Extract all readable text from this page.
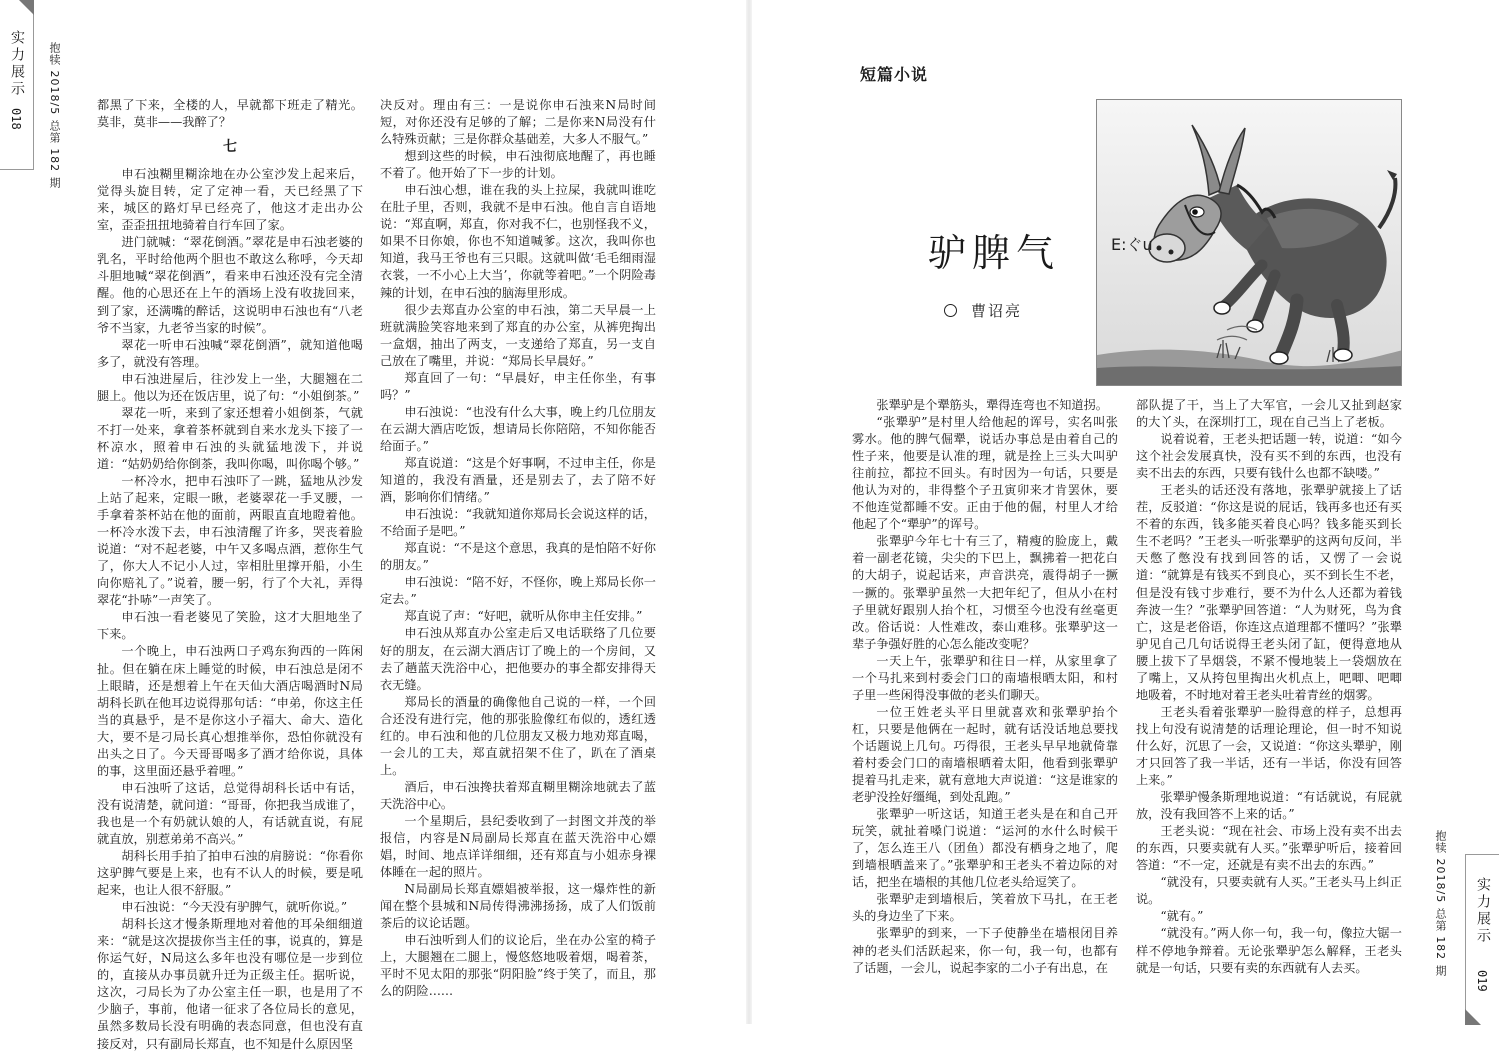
实力展示
018 抱犊 2018/5 总第 182 期	都黑了下来，全楼的人，早就都下班走了精光。莫非，莫非——我醉了？

七

申石浊糊里糊涂地在办公室沙发上起来后，觉得头旋目转，定了定神一看，天已经黑了下来，城区的路灯早已经亮了，他这才走出办公室，歪歪扭扭地骑着自行车回了家。

进门就喊：“翠花倒酒。”翠花是申石浊老婆的乳名，平时给他两个胆也不敢这么称呼，今天却斗胆地喊“翠花倒酒”，看来申石浊还没有完全清醒。他的心思还在上午的酒场上没有收拢回来，到了家，还满嘴的醉话，这说明申石浊也有“八老爷不当家，九老爷当家的时候”。

翠花一听申石浊喊“翠花倒酒”，就知道他喝多了，就没有答理。

申石浊进屋后，往沙发上一坐，大腿翘在二腿上。他以为还在饭店里，说了句：“小姐倒茶。”

翠花一听，来到了家还想着小姐倒茶，气就不打一处来，拿着茶杯就到自来水龙头下接了一杯凉水，照着申石浊的头就猛地泼下，并说道：“姑奶奶给你倒茶，我叫你喝，叫你喝个够。”

一杯冷水，把申石浊吓了一跳，猛地从沙发上站了起来，定眼一瞅，老婆翠花一手叉腰，一手拿着茶杯站在他的面前，两眼直直地瞪着他。一杯冷水泼下去，申石浊清醒了许多，哭丧着脸说道：“对不起老婆，中午又多喝点酒，惹你生气了，你大人不记小人过，宰相肚里撑开船，小生向你赔礼了。”说着，腰一躬，行了个大礼，弄得翠花“扑哧”一声笑了。

申石浊一看老婆见了笑脸，这才大胆地坐了下来。

一个晚上，申石浊两口子鸡东狗西的一阵闲扯。但在躺在床上睡觉的时候，申石浊总是闭不上眼睛，还是想着上午在天仙大酒店喝酒时N局胡科长趴在他耳边说得那句话：“申弟，你这主任当的真悬乎，是不是你这小子福大、命大、造化大，要不是刁局长真心想推举你，恐怕你就没有出头之日了。今天哥哥喝多了酒才给你说，具体的事，这里面还悬乎着哩。”

申石浊听了这话，总觉得胡科长话中有话，没有说清楚，就问道：“哥哥，你把我当成谁了，我也是一个有奶就认娘的人，有话就直说，有屁就直放，别惹弟弟不高兴。”

胡科长用手拍了拍申石浊的肩膀说：“你看你这驴脾气要是上来，也有不认人的时候，要是吼起来，也让人很不舒服。”

申石浊说：“今天没有驴脾气，就听你说。”

胡科长这才慢条斯理地对着他的耳朵细细道来：“就是这次提拔你当主任的事，说真的，算是你运气好，N局这么多年也没有哪位是一步到位的，直接从办事员就升迁为正级主任。据听说，这次，刁局长为了办公室主任一职，也是用了不少脑子，事前，他诸一征求了各位局长的意见，虽然多数局长没有明确的表态同意，但也没有直接反对，只有副局长郑直，也不知是什么原因坚

决反对。理由有三：一是说你申石浊来N局时间短，对你还没有足够的了解；二是你来N局没有什么特殊贡献；三是你群众基础差，大多人不服气。”

想到这些的时候，申石浊彻底地醒了，再也睡不着了。他开始了下一步的计划。

申石浊心想，谁在我的头上拉屎，我就叫谁吃在肚子里，否则，我就不是申石浊。他自言自语地说：“郑直啊，郑直，你对我不仁，也别怪我不义，如果不日你娘，你也不知道喊爹。这次，我叫你也知道，我马王爷也有三只眼。这就叫做‘毛毛细雨湿衣裳，一不小心上大当’，你就等着吧。”一个阴险毒辣的计划，在申石浊的脑海里形成。

很少去郑直办公室的申石浊，第二天早晨一上班就满脸笑容地来到了郑直的办公室，从裤兜掏出一盒烟，抽出了两支，一支递给了郑直，另一支自己放在了嘴里，并说：“郑局长早晨好。”

郑直回了一句：“早晨好，申主任你坐，有事吗？”

申石浊说：“也没有什么大事，晚上约几位朋友在云湖大酒店吃饭，想请局长你陪陪，不知你能否给面子。”

郑直说道：“这是个好事啊，不过申主任，你是知道的，我没有酒量，还是别去了，去了陪不好酒，影响你们情绪。”

申石浊说：“我就知道你郑局长会说这样的话，不给面子是吧。”

郑直说：“不是这个意思，我真的是怕陪不好你的朋友。”

申石浊说：“陪不好，不怪你，晚上郑局长你一定去。”

郑直说了声：“好吧，就听从你申主任安排。”

申石浊从郑直办公室走后又电话联络了几位要好的朋友，在云湖大酒店订了晚上的一个房间，又去了趟蓝天洗浴中心，把他要办的事全都安排得天衣无缝。

郑局长的酒量的确像他自己说的一样，一个回合还没有进行完，他的那张脸像红布似的，透红透红的。申石浊和他的几位朋友又极力地劝郑直喝，一会儿的工夫，郑直就招架不住了，趴在了酒桌上。

酒后，申石浊搀扶着郑直糊里糊涂地就去了蓝天洗浴中心。

一个星期后，县纪委收到了一封图文并茂的举报信，内容是N局副局长郑直在蓝天洗浴中心嫖娼，时间、地点详详细细，还有郑直与小姐赤身裸体睡在一起的照片。

N局副局长郑直嫖娼被举报，这一爆炸性的新闻在整个县城和N局传得沸沸扬扬，成了人们饭前茶后的议论话题。

申石浊听到人们的议论后，坐在办公室的椅子上，大腿翘在二腿上，慢悠悠地吸着烟，喝着茶，平时不见太阳的那张“阴阳脸”终于笑了，而且，那么的阴险……

短篇小说
驴脾气
曹诏亮
E:ぐu

张犟驴是个犟筋头，犟得连弯也不知道拐。

“张犟驴”是村里人给他起的诨号，实名叫张雾水。他的脾气倔犟，说话办事总是由着自己的性子来，他要是认准的理，就是拴上三头大叫驴往前拉，都拉不回头。有时因为一句话，只要是他认为对的，非得整个子丑寅卯来才肯罢休，要不他连觉都睡不安。正由于他的倔，村里人才给他起了个“犟驴”的诨号。

张犟驴今年七十有三了，精瘦的脸庞上，戴着一副老花镜，尖尖的下巴上，飘拂着一把花白的大胡子，说起话来，声音洪亮，震得胡子一撅一撅的。张犟驴虽然一大把年纪了，但从小在村子里就好跟别人抬个杠，习惯至今也没有丝毫更改。俗话说：人性难改，泰山难移。张犟驴这一辈子争强好胜的心怎么能改变呢？

一天上午，张犟驴和往日一样，从家里拿了一个马扎来到村委会门口的南墙根晒太阳，和村子里一些闲得没事做的老头们聊天。

一位王姓老头平日里就喜欢和张犟驴抬个杠，只要是他俩在一起时，就有话没话地总要找个话题说上几句。巧得很，王老头早早地就倚靠着村委会门口的南墙根晒着太阳，他看到张犟驴提着马扎走来，就有意地大声说道：“这是谁家的老驴没拴好缰绳，到处乱跑。”

张犟驴一听这话，知道王老头是在和自己开玩笑，就扯着嗓门说道：“运河的水什么时候干了，怎么连王八（团鱼）都没有栖身之地了，爬到墙根晒盖来了。”张犟驴和王老头不着边际的对话，把坐在墙根的其他几位老头给逗笑了。

张犟驴走到墙根后，笑着放下马扎，在王老头的身边坐了下来。

张犟驴的到来，一下子使静坐在墙根闭目养神的老头们活跃起来，你一句，我一句，也都有了话题，一会儿，说起李家的二小子有出息，在

部队提了干，当上了大军官，一会儿又扯到赵家的大丫头，在深圳打工，现在自己当上了老板。

说着说着，王老头把话题一转，说道：“如今这个社会发展真快，没有买不到的东西，也没有卖不出去的东西，只要有钱什么也都不缺喽。”

王老头的话还没有落地，张犟驴就接上了话茬，反驳道：“你这是说的屁话，钱再多也还有买不着的东西，钱多能买着良心吗？钱多能买到长生不老吗？”王老头一听张犟驴的这两句反问，半天憋了憋没有找到回答的话，又愣了一会说道：“就算是有钱买不到良心，买不到长生不老，但是没有钱寸步难行，要不为什么人还都为着钱奔波一生？”张犟驴回答道：“人为财死，鸟为食亡，这是老俗语，你连这点道理都不懂吗？”张犟驴见自己几句话说得王老头闭了缸，便得意地从腰上拔下了旱烟袋，不紧不慢地装上一袋烟放在了嘴上，又从挎包里掏出火机点上，吧唧、吧唧地吸着，不时地对着王老头吐着青丝的烟雾。

王老头看着张犟驴一脸得意的样子，总想再找上句没有说清楚的话理论理论，但一时不知说什么好，沉思了一会，又说道：“你这头犟驴，刚才只回答了我一半话，还有一半话，你没有回答上来。”

张犟驴慢条斯理地说道：“有话就说，有屁就放，没有我回答不上来的话。”

王老头说：“现在社会、市场上没有卖不出去的东西，只要卖就有人买。”张犟驴听后，接着回答道：“不一定，还就是有卖不出去的东西。”

“就没有，只要卖就有人买。”王老头马上纠正说。

“就有。”

“就没有。”两人你一句，我一句，像拉大锯一样不停地争辩着。无论张犟驴怎么解释，王老头就是一句话，只要有卖的东西就有人去买。	抱犊 2018/5 总第 182 期 实力展示
019
